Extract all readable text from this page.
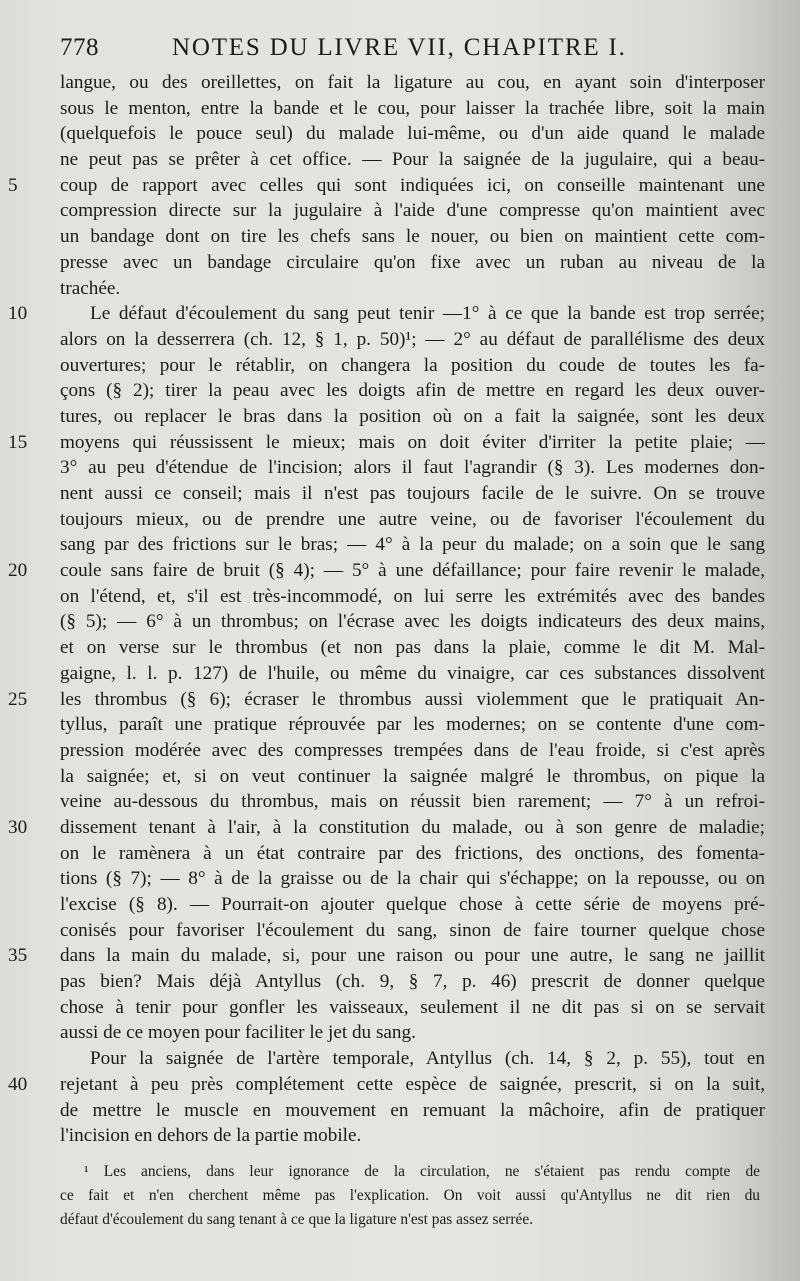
778	NOTES DU LIVRE VII, CHAPITRE I.
langue, ou des oreillettes, on fait la ligature au cou, en ayant soin d'interposer
sous le menton, entre la bande et le cou, pour laisser la trachée libre, soit la main
(quelquefois le pouce seul) du malade lui-même, ou d'un aide quand le malade
ne peut pas se prêter à cet office. — Pour la saignée de la jugulaire, qui a beau-
5	coup de rapport avec celles qui sont indiquées ici, on conseille maintenant une
compression directe sur la jugulaire à l'aide d'une compresse qu'on maintient avec
un bandage dont on tire les chefs sans le nouer, ou bien on maintient cette com-
presse avec un bandage circulaire qu'on fixe avec un ruban au niveau de la
trachée.
10	Le défaut d'écoulement du sang peut tenir —1° à ce que la bande est trop serrée;
alors on la desserrera (ch. 12, § 1, p. 50)¹; — 2° au défaut de parallélisme des deux
ouvertures; pour le rétablir, on changera la position du coude de toutes les fa-
çons (§ 2); tirer la peau avec les doigts afin de mettre en regard les deux ouver-
tures, ou replacer le bras dans la position où on a fait la saignée, sont les deux
15	moyens qui réussissent le mieux; mais on doit éviter d'irriter la petite plaie; —
3° au peu d'étendue de l'incision; alors il faut l'agrandir (§ 3). Les modernes don-
nent aussi ce conseil; mais il n'est pas toujours facile de le suivre. On se trouve
toujours mieux, ou de prendre une autre veine, ou de favoriser l'écoulement du
sang par des frictions sur le bras; — 4° à la peur du malade; on a soin que le sang
20	coule sans faire de bruit (§ 4); — 5° à une défaillance; pour faire revenir le malade,
on l'étend, et, s'il est très-incommodé, on lui serre les extrémités avec des bandes
(§ 5); — 6° à un thrombus; on l'écrase avec les doigts indicateurs des deux mains,
et on verse sur le thrombus (et non pas dans la plaie, comme le dit M. Mal-
gaigne, l. l. p. 127) de l'huile, ou même du vinaigre, car ces substances dissolvent
25	les thrombus (§ 6); écraser le thrombus aussi violemment que le pratiquait An-
tyllus, paraît une pratique réprouvée par les modernes; on se contente d'une com-
pression modérée avec des compresses trempées dans de l'eau froide, si c'est après
la saignée; et, si on veut continuer la saignée malgré le thrombus, on pique la
veine au-dessous du thrombus, mais on réussit bien rarement; — 7° à un refroi-
30	dissement tenant à l'air, à la constitution du malade, ou à son genre de maladie;
on le ramènera à un état contraire par des frictions, des onctions, des fomenta-
tions (§ 7); — 8° à de la graisse ou de la chair qui s'échappe; on la repousse, ou on
l'excise (§ 8). — Pourrait-on ajouter quelque chose à cette série de moyens pré-
conisés pour favoriser l'écoulement du sang, sinon de faire tourner quelque chose
35	dans la main du malade, si, pour une raison ou pour une autre, le sang ne jaillit
pas bien? Mais déjà Antyllus (ch. 9, § 7, p. 46) prescrit de donner quelque
chose à tenir pour gonfler les vaisseaux, seulement il ne dit pas si on se servait
aussi de ce moyen pour faciliter le jet du sang.
Pour la saignée de l'artère temporale, Antyllus (ch. 14, § 2, p. 55), tout en
40	rejetant à peu près complétement cette espèce de saignée, prescrit, si on la suit,
de mettre le muscle en mouvement en remuant la mâchoire, afin de pratiquer
l'incision en dehors de la partie mobile.
¹ Les anciens, dans leur ignorance de la circulation, ne s'étaient pas rendu compte de
ce fait et n'en cherchent même pas l'explication. On voit aussi qu'Antyllus ne dit rien du
défaut d'écoulement du sang tenant à ce que la ligature n'est pas assez serrée.
